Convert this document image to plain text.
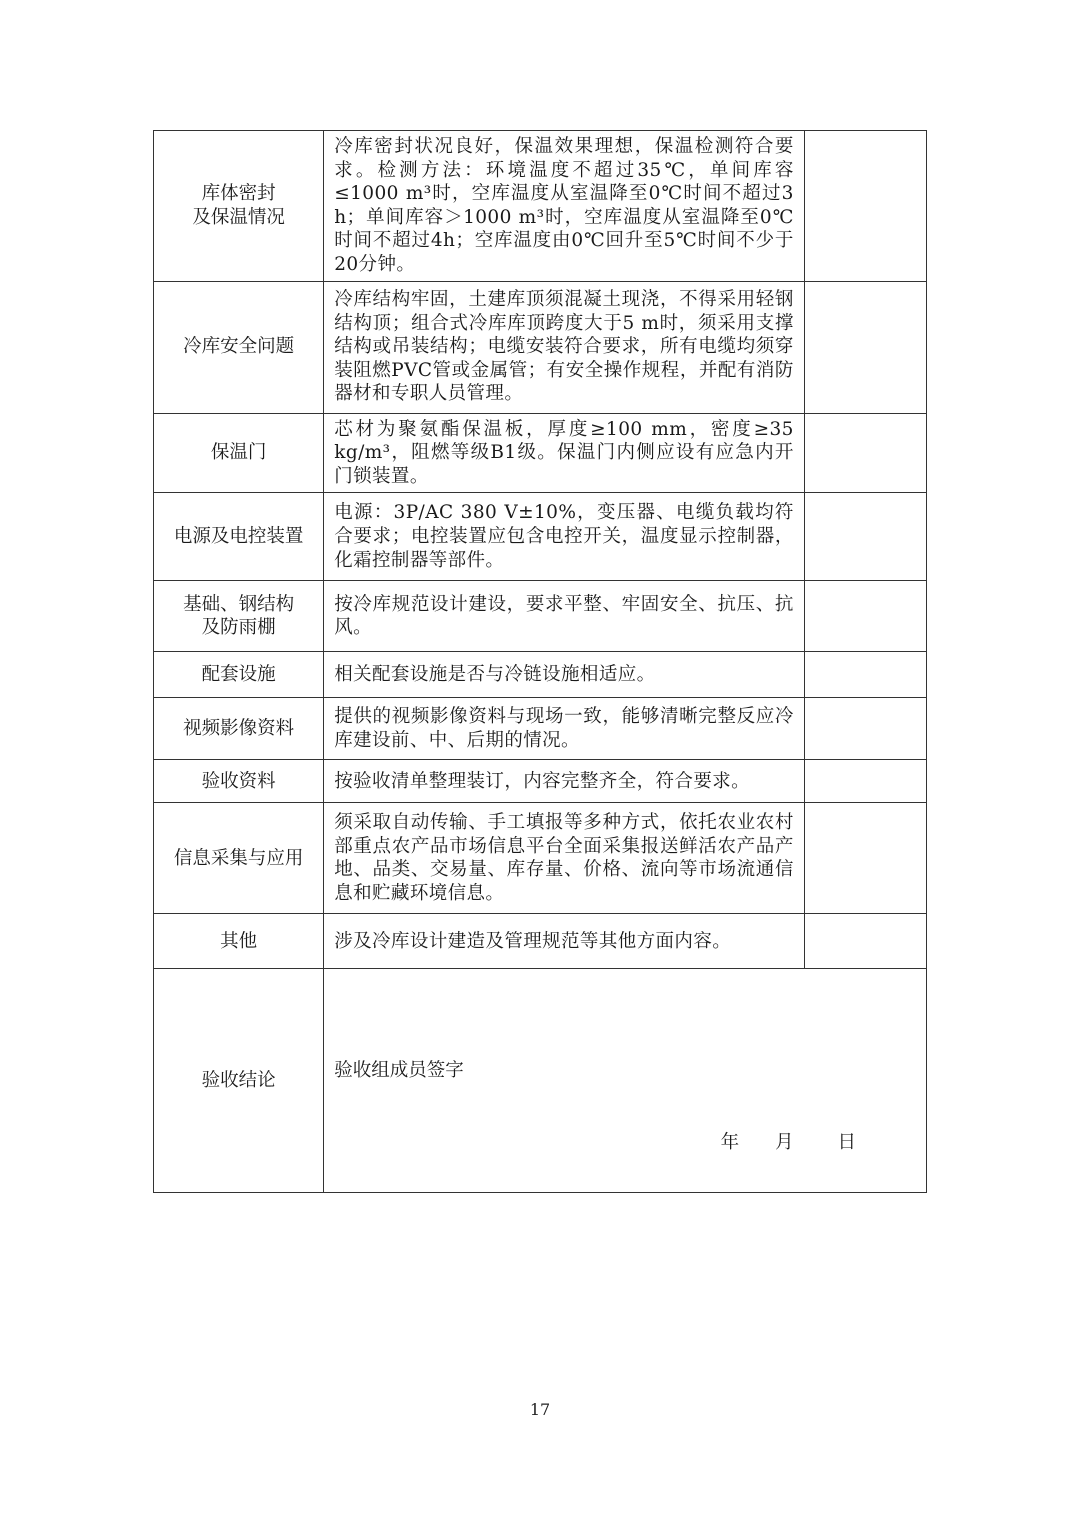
库体密封
及保温情况	冷库密封状况良好，保温效果理想，保温检测符合要求。检测方法：环境温度不超过35℃，单间库容≤1000 m³时，空库温度从室温降至0℃时间不超过3 h；单间库容＞1000 m³时，空库温度从室温降至0℃时间不超过4h；空库温度由0℃回升至5℃时间不少于20分钟。	

冷库安全问题	冷库结构牢固，土建库顶须混凝土现浇，不得采用轻钢结构顶；组合式冷库库顶跨度大于5 m时，须采用支撑结构或吊装结构；电缆安装符合要求，所有电缆均须穿装阻燃PVC管或金属管；有安全操作规程，并配有消防器材和专职人员管理。	

保温门	芯材为聚氨酯保温板，厚度≥100 mm，密度≥35 kg/m³，阻燃等级B1级。保温门内侧应设有应急内开门锁装置。	

电源及电控装置	电源：3P/AC 380 V±10%，变压器、电缆负载均符合要求；电控装置应包含电控开关，温度显示控制器，化霜控制器等部件。	

基础、钢结构
及防雨棚	按冷库规范设计建设，要求平整、牢固安全、抗压、抗风。	

配套设施	相关配套设施是否与冷链设施相适应。	

视频影像资料	提供的视频影像资料与现场一致，能够清晰完整反应冷库建设前、中、后期的情况。	

验收资料	按验收清单整理装订，内容完整齐全，符合要求。	

信息采集与应用	须采取自动传输、手工填报等多种方式，依托农业农村部重点农产品市场信息平台全面采集报送鲜活农产品产地、品类、交易量、库存量、价格、流向等市场流通信息和贮藏环境信息。	

其他	涉及冷库设计建造及管理规范等其他方面内容。	

验收结论	验收组成员签字
年 月 日	
17
